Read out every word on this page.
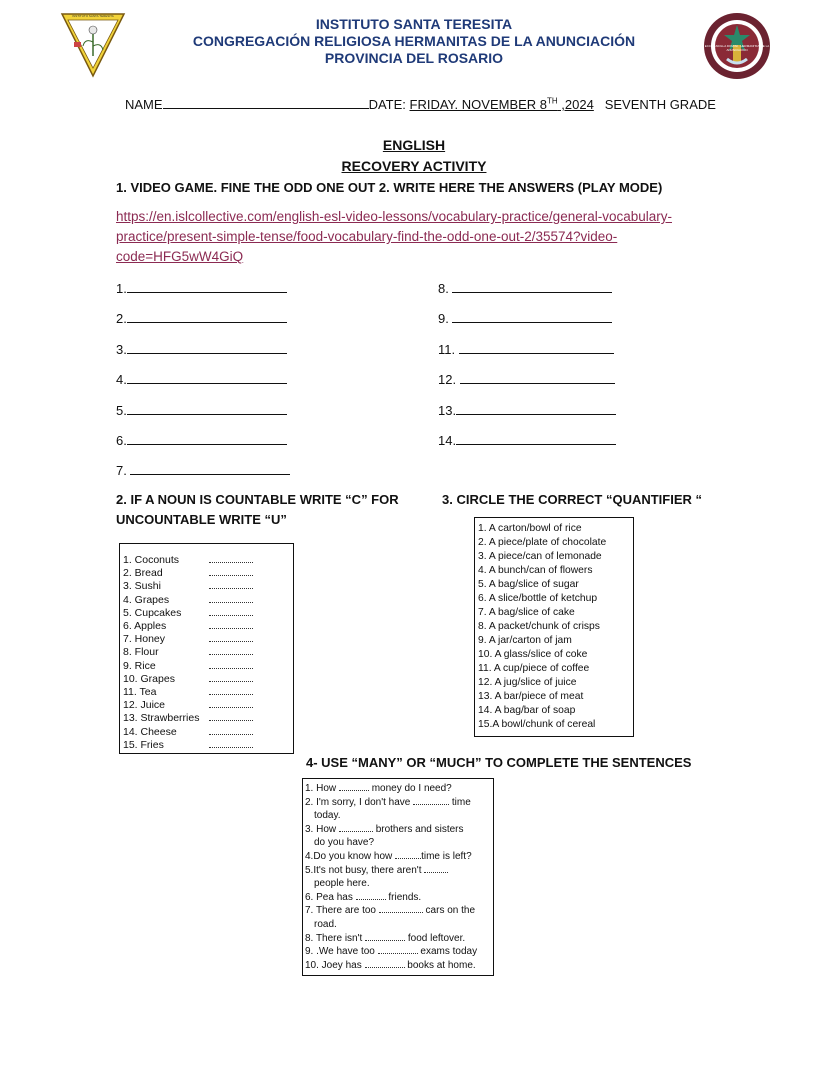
INSTITUTO SANTA TERESITA
ECCE ANCILLA DOMINI · HERMANITAS DE LA ANUNCIACIÓN
INSTITUTO SANTA TERESITA
CONGREGACIÓN RELIGIOSA HERMANITAS DE LA ANUNCIACIÓN
PROVINCIA DEL ROSARIO
NAME	DATE: FRIDAY. NOVEMBER 8TH ,2024 SEVENTH GRADE
ENGLISH
RECOVERY ACTIVITY
1. VIDEO GAME. FINE THE ODD ONE OUT 2. WRITE HERE THE ANSWERS (PLAY MODE)
https://en.islcollective.com/english-esl-video-lessons/vocabulary-practice/general-vocabulary-
practice/present-simple-tense/food-vocabulary-find-the-odd-one-out-2/35574?video-
code=HFG5wW4GiQ
1.
2.
3.
4.
5.
6.
7.
8.
9.
11.
12.
13.
14.
2. IF A NOUN IS COUNTABLE WRITE “C” FOR
UNCOUNTABLE WRITE “U”
1. Coconuts
2. Bread
3. Sushi
4. Grapes
5. Cupcakes
6. Apples
7. Honey
8. Flour
9. Rice
10. Grapes
11. Tea
12. Juice
13. Strawberries
14. Cheese
15. Fries
3. CIRCLE THE CORRECT “QUANTIFIER “
1. A carton/bowl of rice
2. A piece/plate of chocolate
3. A piece/can of lemonade
4. A bunch/can of flowers
5. A bag/slice of sugar
6. A slice/bottle of ketchup
7. A bag/slice of cake
8. A packet/chunk of crisps
9. A jar/carton of jam
10. A glass/slice of coke
11. A cup/piece of coffee
12. A jug/slice of juice
13. A bar/piece of meat
14. A bag/bar of soap
15.A bowl/chunk of cereal
4- USE “MANY” OR “MUCH” TO COMPLETE THE SENTENCES
1. How	money do I need?
2. I'm sorry, I don't have	time
today.
3. How	brothers and sisters
do you have?
4.Do you know how	time is left?
5.It's not busy, there aren't
people here.
6. Pea has	friends.
7. There are too	cars on the
road.
8. There isn't	food leftover.
9. .We have too	exams today
10. Joey has	books at home.
